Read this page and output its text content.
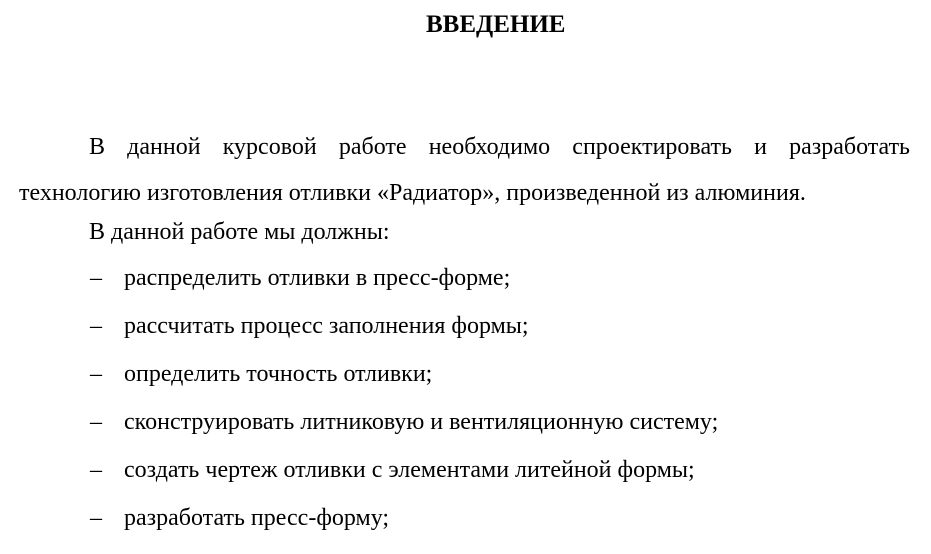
ВВЕДЕНИЕ

В данной курсовой работе необходимо спроектировать и разработать технологию изготовления отливки «Радиатор», произведенной из алюминия.

В данной работе мы должны:

– распределить отливки в пресс-форме;
– рассчитать процесс заполнения формы;
– определить точность отливки;
– сконструировать литниковую и вентиляционную систему;
– создать чертеж отливки с элементами литейной формы;
– разработать пресс-форму;
